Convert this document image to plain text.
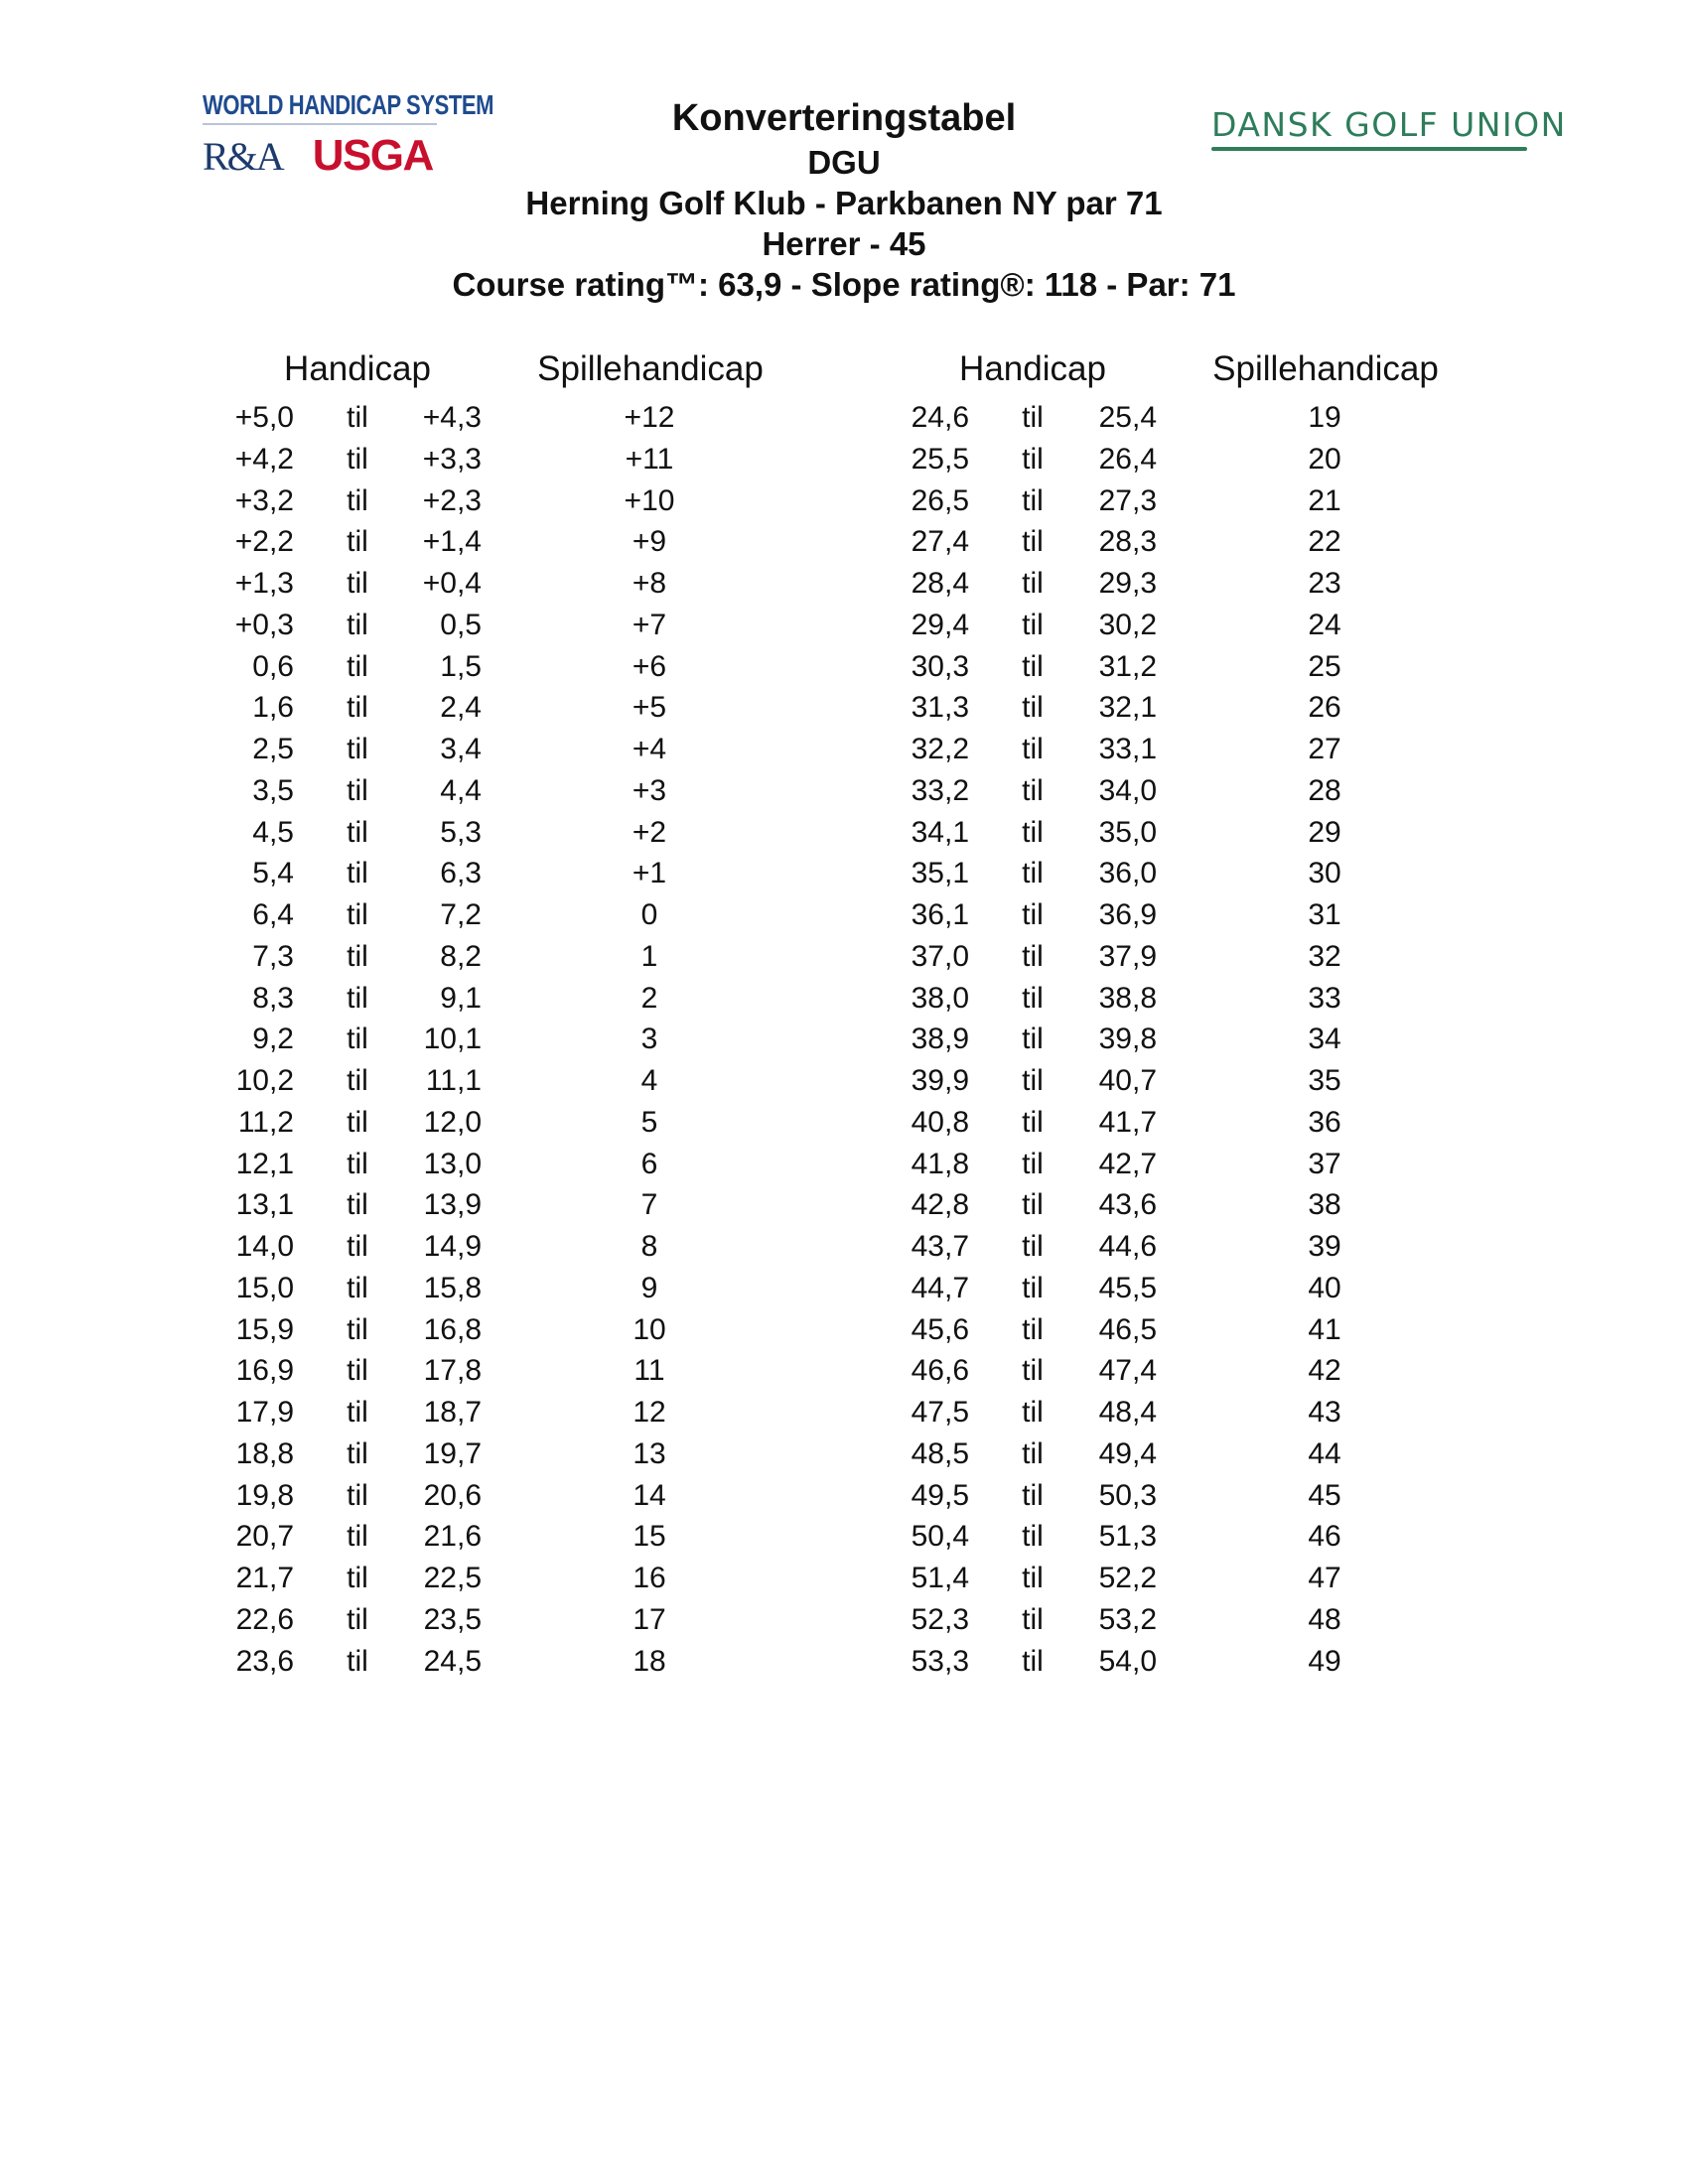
WORLD HANDICAP SYSTEM
R&A USGA
DANSK GOLF UNION
Konverteringstabel
DGU
Herning Golf Klub - Parkbanen NY par 71
Herrer - 45
Course rating™: 63,9 - Slope rating®: 118 - Par: 71
Handicap	Spillehandicap	Handicap	Spillehandicap
+5,0	til	+4,3	+12
+4,2	til	+3,3	+11
+3,2	til	+2,3	+10
+2,2	til	+1,4	+9
+1,3	til	+0,4	+8
+0,3	til	0,5	+7
0,6	til	1,5	+6
1,6	til	2,4	+5
2,5	til	3,4	+4
3,5	til	4,4	+3
4,5	til	5,3	+2
5,4	til	6,3	+1
6,4	til	7,2	0
7,3	til	8,2	1
8,3	til	9,1	2
9,2	til	10,1	3
10,2	til	11,1	4
11,2	til	12,0	5
12,1	til	13,0	6
13,1	til	13,9	7
14,0	til	14,9	8
15,0	til	15,8	9
15,9	til	16,8	10
16,9	til	17,8	11
17,9	til	18,7	12
18,8	til	19,7	13
19,8	til	20,6	14
20,7	til	21,6	15
21,7	til	22,5	16
22,6	til	23,5	17
23,6	til	24,5	18
24,6	til	25,4	19
25,5	til	26,4	20
26,5	til	27,3	21
27,4	til	28,3	22
28,4	til	29,3	23
29,4	til	30,2	24
30,3	til	31,2	25
31,3	til	32,1	26
32,2	til	33,1	27
33,2	til	34,0	28
34,1	til	35,0	29
35,1	til	36,0	30
36,1	til	36,9	31
37,0	til	37,9	32
38,0	til	38,8	33
38,9	til	39,8	34
39,9	til	40,7	35
40,8	til	41,7	36
41,8	til	42,7	37
42,8	til	43,6	38
43,7	til	44,6	39
44,7	til	45,5	40
45,6	til	46,5	41
46,6	til	47,4	42
47,5	til	48,4	43
48,5	til	49,4	44
49,5	til	50,3	45
50,4	til	51,3	46
51,4	til	52,2	47
52,3	til	53,2	48
53,3	til	54,0	49
